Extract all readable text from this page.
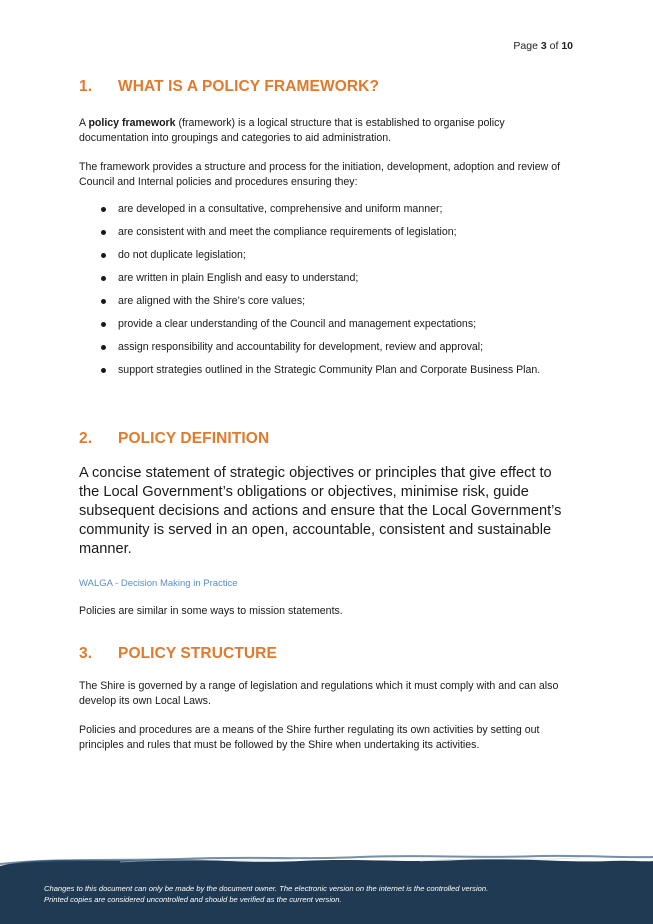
Page 3 of 10
1.	WHAT IS A POLICY FRAMEWORK?

A policy framework (framework) is a logical structure that is established to organise policy documentation into groupings and categories to aid administration.

The framework provides a structure and process for the initiation, development, adoption and review of Council and Internal policies and procedures ensuring they:

are developed in a consultative, comprehensive and uniform manner;
are consistent with and meet the compliance requirements of legislation;
do not duplicate legislation;
are written in plain English and easy to understand;
are aligned with the Shire’s core values;
provide a clear understanding of the Council and management expectations;
assign responsibility and accountability for development, review and approval;
support strategies outlined in the Strategic Community Plan and Corporate Business Plan.
2.	POLICY DEFINITION

A concise statement of strategic objectives or principles that give effect to the Local Government’s obligations or objectives, minimise risk, guide subsequent decisions and actions and ensure that the Local Government’s community is served in an open, accountable, consistent and sustainable manner.

WALGA - Decision Making in Practice

Policies are similar in some ways to mission statements.

3.	POLICY STRUCTURE

The Shire is governed by a range of legislation and regulations which it must comply with and can also develop its own Local Laws.

Policies and procedures are a means of the Shire further regulating its own activities by setting out principles and rules that must be followed by the Shire when undertaking its activities.

Changes to this document can only be made by the document owner. The electronic version on the internet is the controlled version.
Printed copies are considered uncontrolled and should be verified as the current version.
